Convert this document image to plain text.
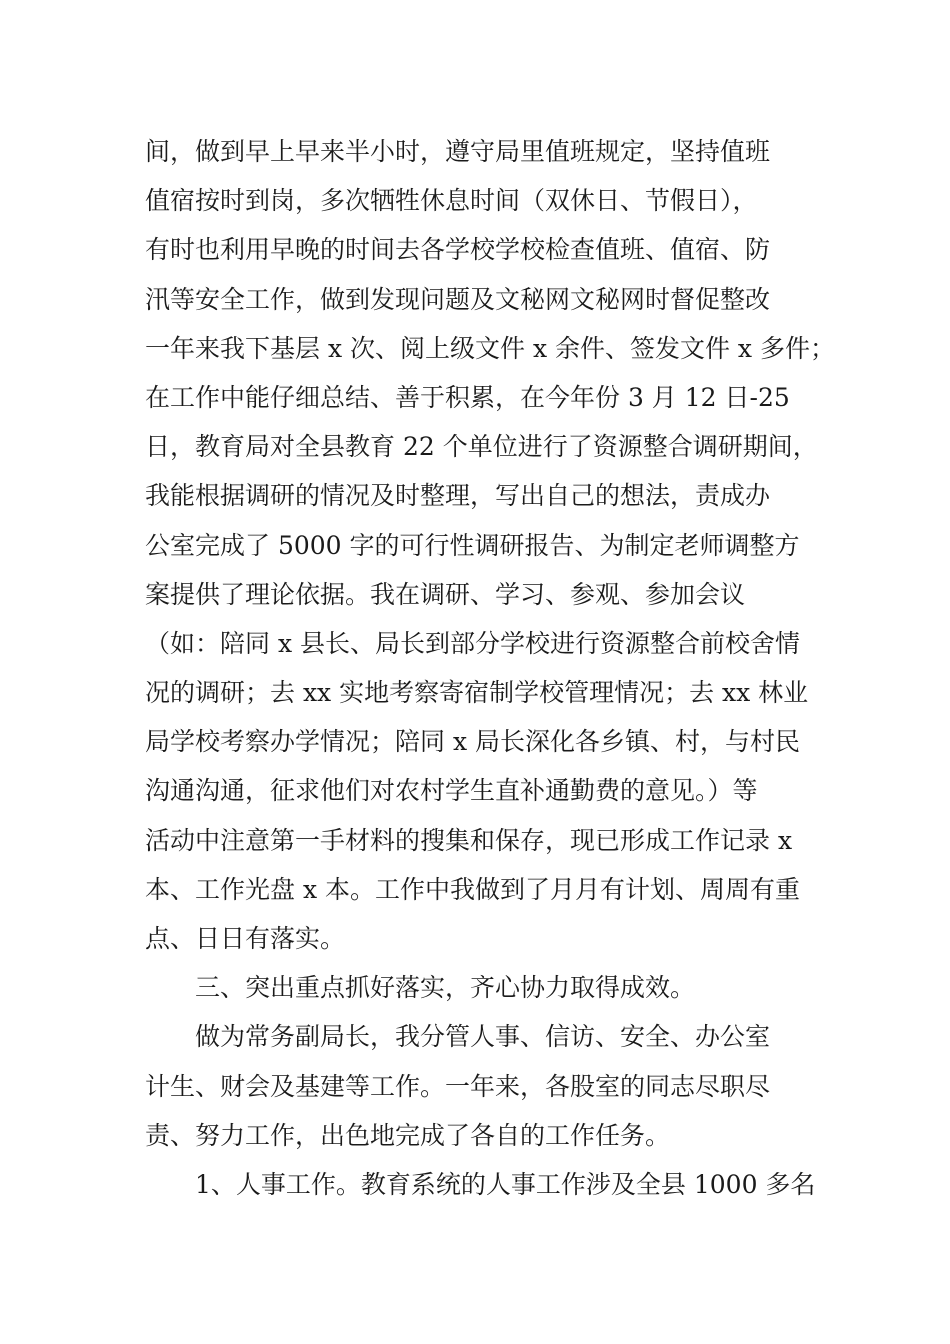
间，做到早上早来半小时，遵守局里值班规定，坚持值班
值宿按时到岗，多次牺牲休息时间（双休日、节假日），
有时也利用早晚的时间去各学校学校检查值班、值宿、防
汛等安全工作，做到发现问题及文秘网文秘网时督促整改
一年来我下基层 x 次、阅上级文件 x 余件、签发文件 x 多件；
在工作中能仔细总结、善于积累，在今年份 3 月 12 日-25
日，教育局对全县教育 22 个单位进行了资源整合调研期间，
我能根据调研的情况及时整理，写出自己的想法，责成办
公室完成了 5000 字的可行性调研报告、为制定老师调整方
案提供了理论依据。我在调研、学习、参观、参加会议
（如：陪同 x 县长、局长到部分学校进行资源整合前校舍情
况的调研；去 xx 实地考察寄宿制学校管理情况；去 xx 林业
局学校考察办学情况；陪同 x 局长深化各乡镇、村，与村民
沟通沟通，征求他们对农村学生直补通勤费的意见。）等
活动中注意第一手材料的搜集和保存，现已形成工作记录 x
本、工作光盘 x 本。工作中我做到了月月有计划、周周有重
点、日日有落实。
三、突出重点抓好落实，齐心协力取得成效。
做为常务副局长，我分管人事、信访、安全、办公室
计生、财会及基建等工作。一年来，各股室的同志尽职尽
责、努力工作，出色地完成了各自的工作任务。
1、人事工作。教育系统的人事工作涉及全县 1000 多名
